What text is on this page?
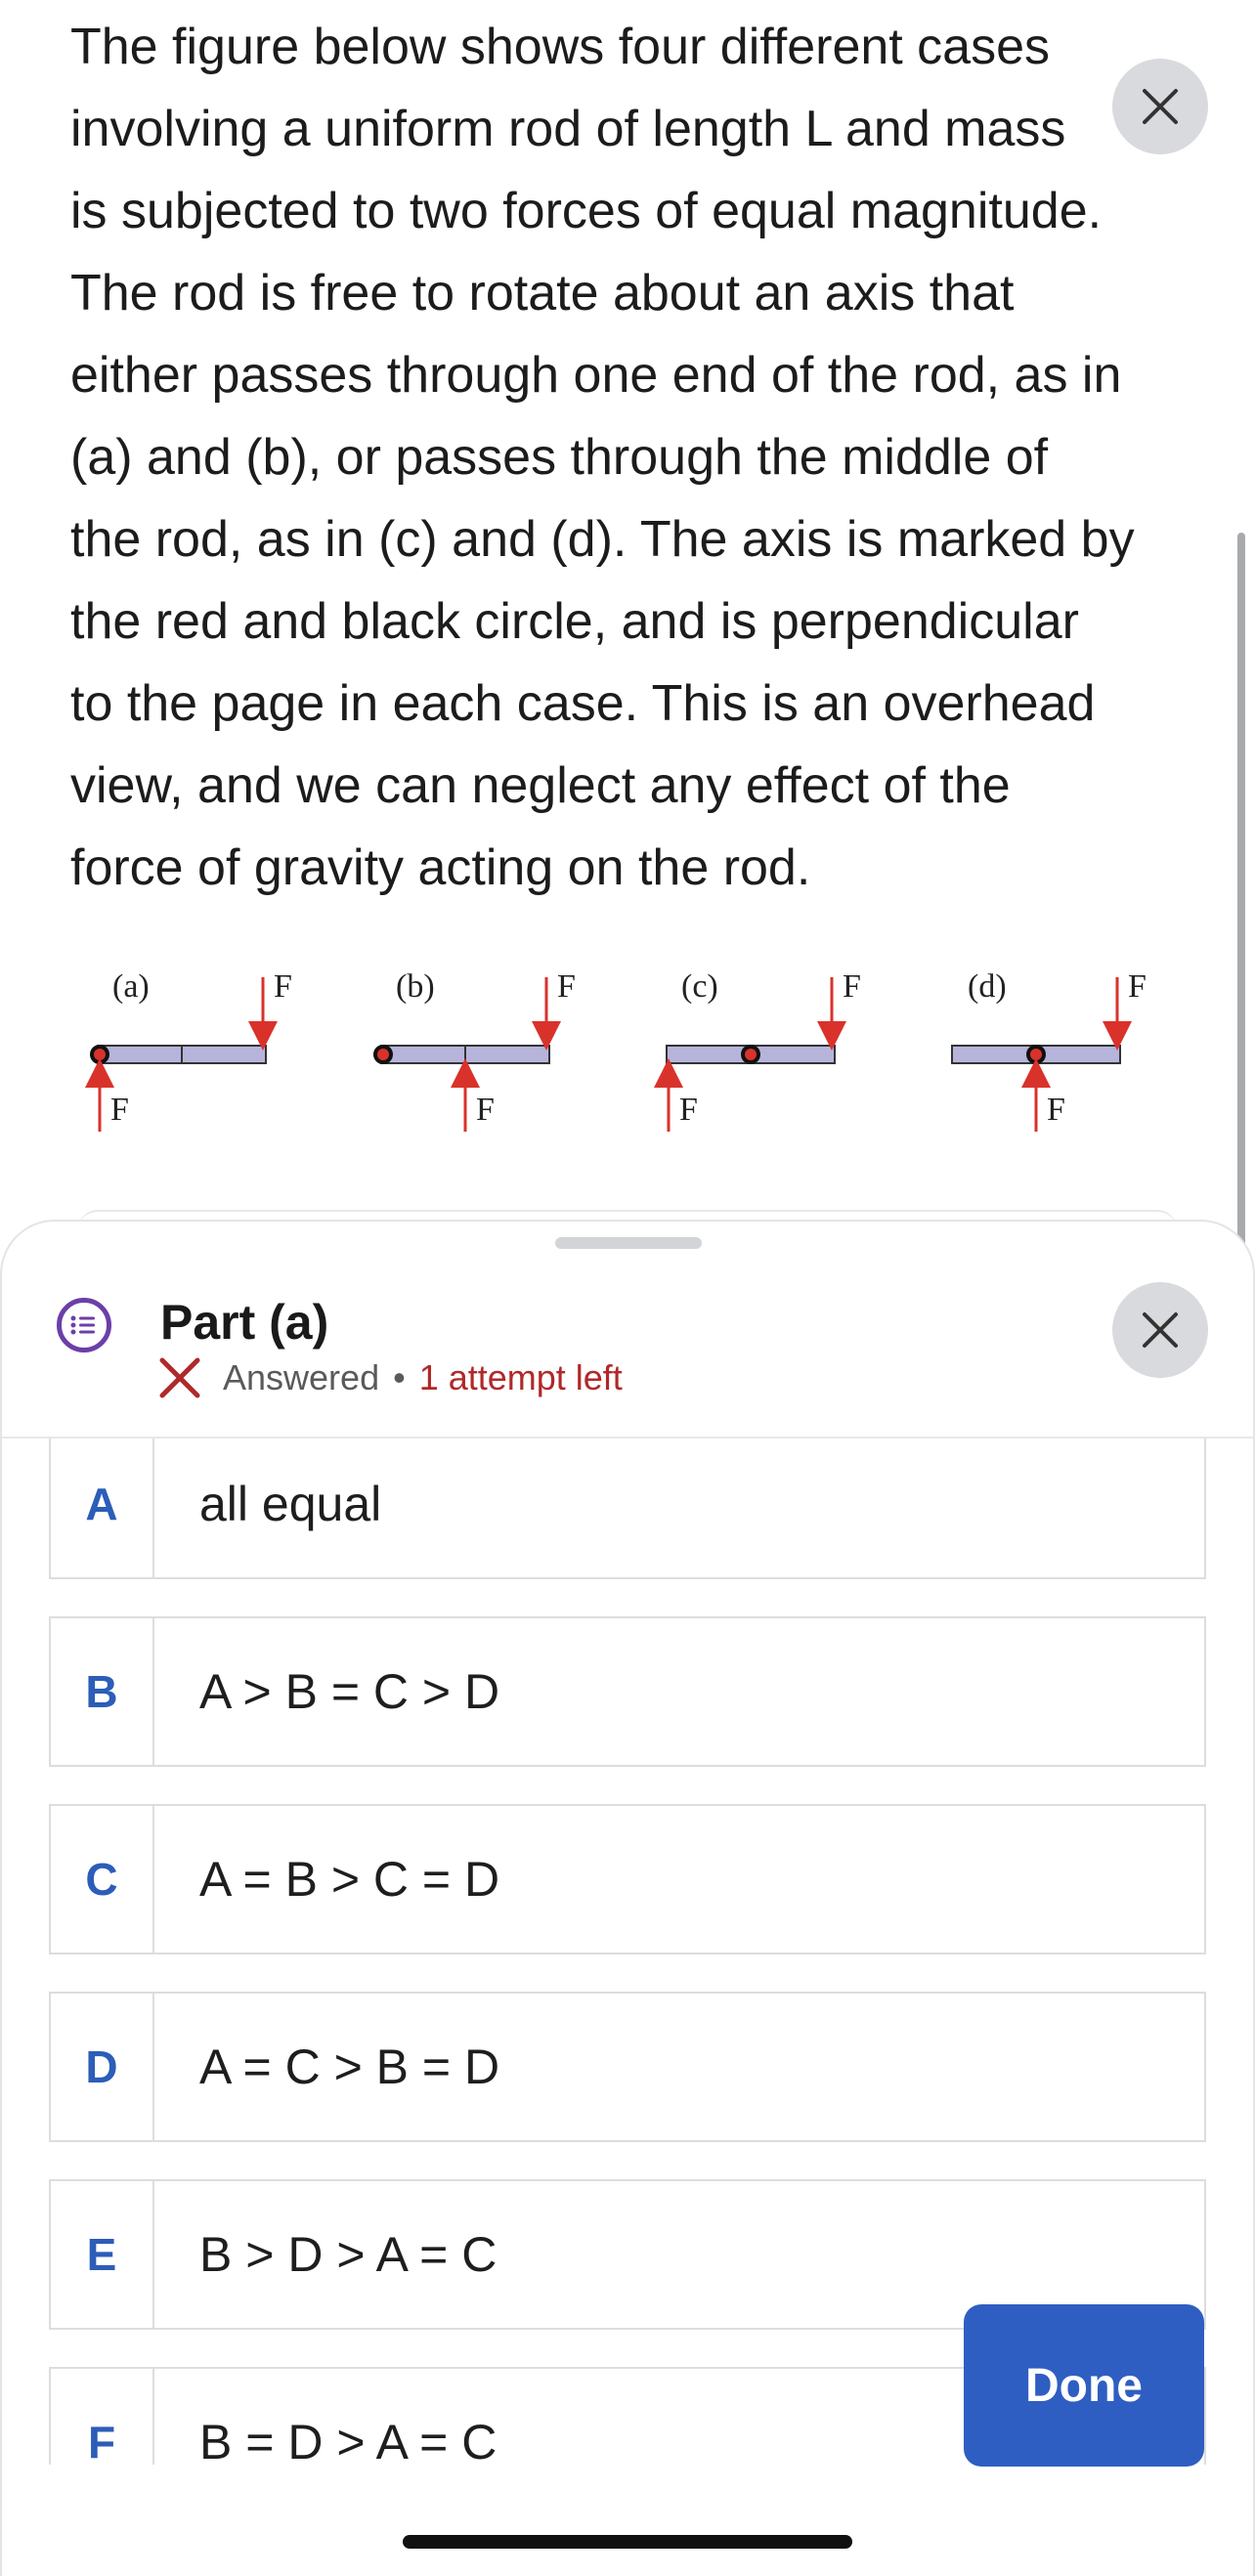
The figure below shows four different cases
involving a uniform rod of length L and mass
is subjected to two forces of equal magnitude.
The rod is free to rotate about an axis that
either passes through one end of the rod, as in
(a) and (b), or passes through the middle of
the rod, as in (c) and (d). The axis is marked by
the red and black circle, and is perpendicular
to the page in each case. This is an overhead
view, and we can neglect any effect of the
force of gravity acting on the rod.
(a)	F
F
(b)	F
F
(c)	F
F
(d)	F
F
Part (a)
Answered • 1 attempt left
A	all equal
B	A > B = C > D
C	A = B > C = D
D	A = C > B = D
E	B > D > A = C
F	B = D > A = C
Done
